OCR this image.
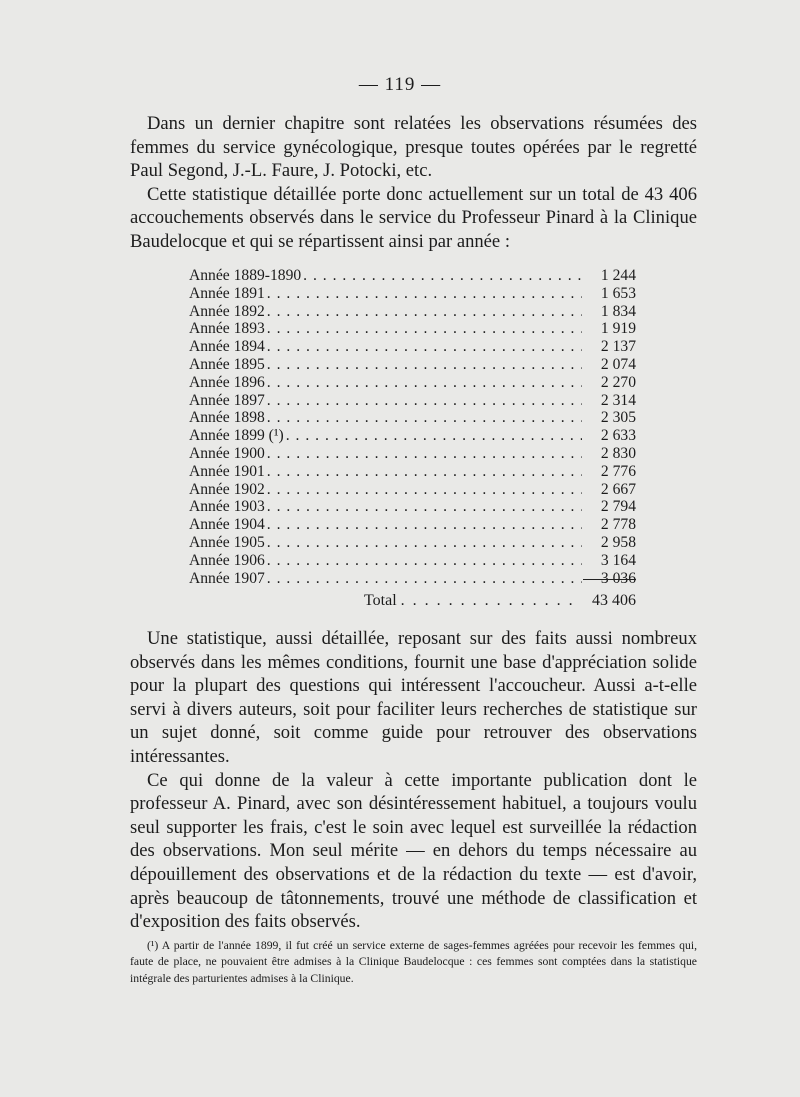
— 119 —

Dans un dernier chapitre sont relatées les observations résumées des femmes du service gynécologique, presque toutes opérées par le regretté Paul Segond, J.-L. Faure, J. Potocki, etc.

Cette statistique détaillée porte donc actuellement sur un total de 43 406 accouchements observés dans le service du Professeur Pinard à la Clinique Baudelocque et qui se répartissent ainsi par année :

Année 1889-1890 . . .	1 244
Année 1891 . . .	1 653
Année 1892 . . .	1 834
Année 1893 . . .	1 919
Année 1894 . . .	2 137
Année 1895 . . .	2 074
Année 1896 . . .	2 270
Année 1897 . . .	2 314
Année 1898 . . .	2 305
Année 1899 (¹) . . .	2 633
Année 1900 . . .	2 830
Année 1901 . . .	2 776
Année 1902 . . .	2 667
Année 1903 . . .	2 794
Année 1904 . . .	2 778
Année 1905 . . .	2 958
Année 1906 . . .	3 164
Année 1907 . . .	3 036
Total . . .	43 406

Une statistique, aussi détaillée, reposant sur des faits aussi nombreux observés dans les mêmes conditions, fournit une base d'appréciation solide pour la plupart des questions qui intéressent l'accoucheur. Aussi a-t-elle servi à divers auteurs, soit pour faciliter leurs recherches de statistique sur un sujet donné, soit comme guide pour retrouver des observations intéressantes.

Ce qui donne de la valeur à cette importante publication dont le professeur A. Pinard, avec son désintéressement habituel, a toujours voulu seul supporter les frais, c'est le soin avec lequel est surveillée la rédaction des observations. Mon seul mérite — en dehors du temps nécessaire au dépouillement des observations et de la rédaction du texte — est d'avoir, après beaucoup de tâtonnements, trouvé une méthode de classification et d'exposition des faits observés.

(¹) A partir de l'année 1899, il fut créé un service externe de sages-femmes agréées pour recevoir les femmes qui, faute de place, ne pouvaient être admises à la Clinique Baudelocque : ces femmes sont comptées dans la statistique intégrale des parturientes admises à la Clinique.
